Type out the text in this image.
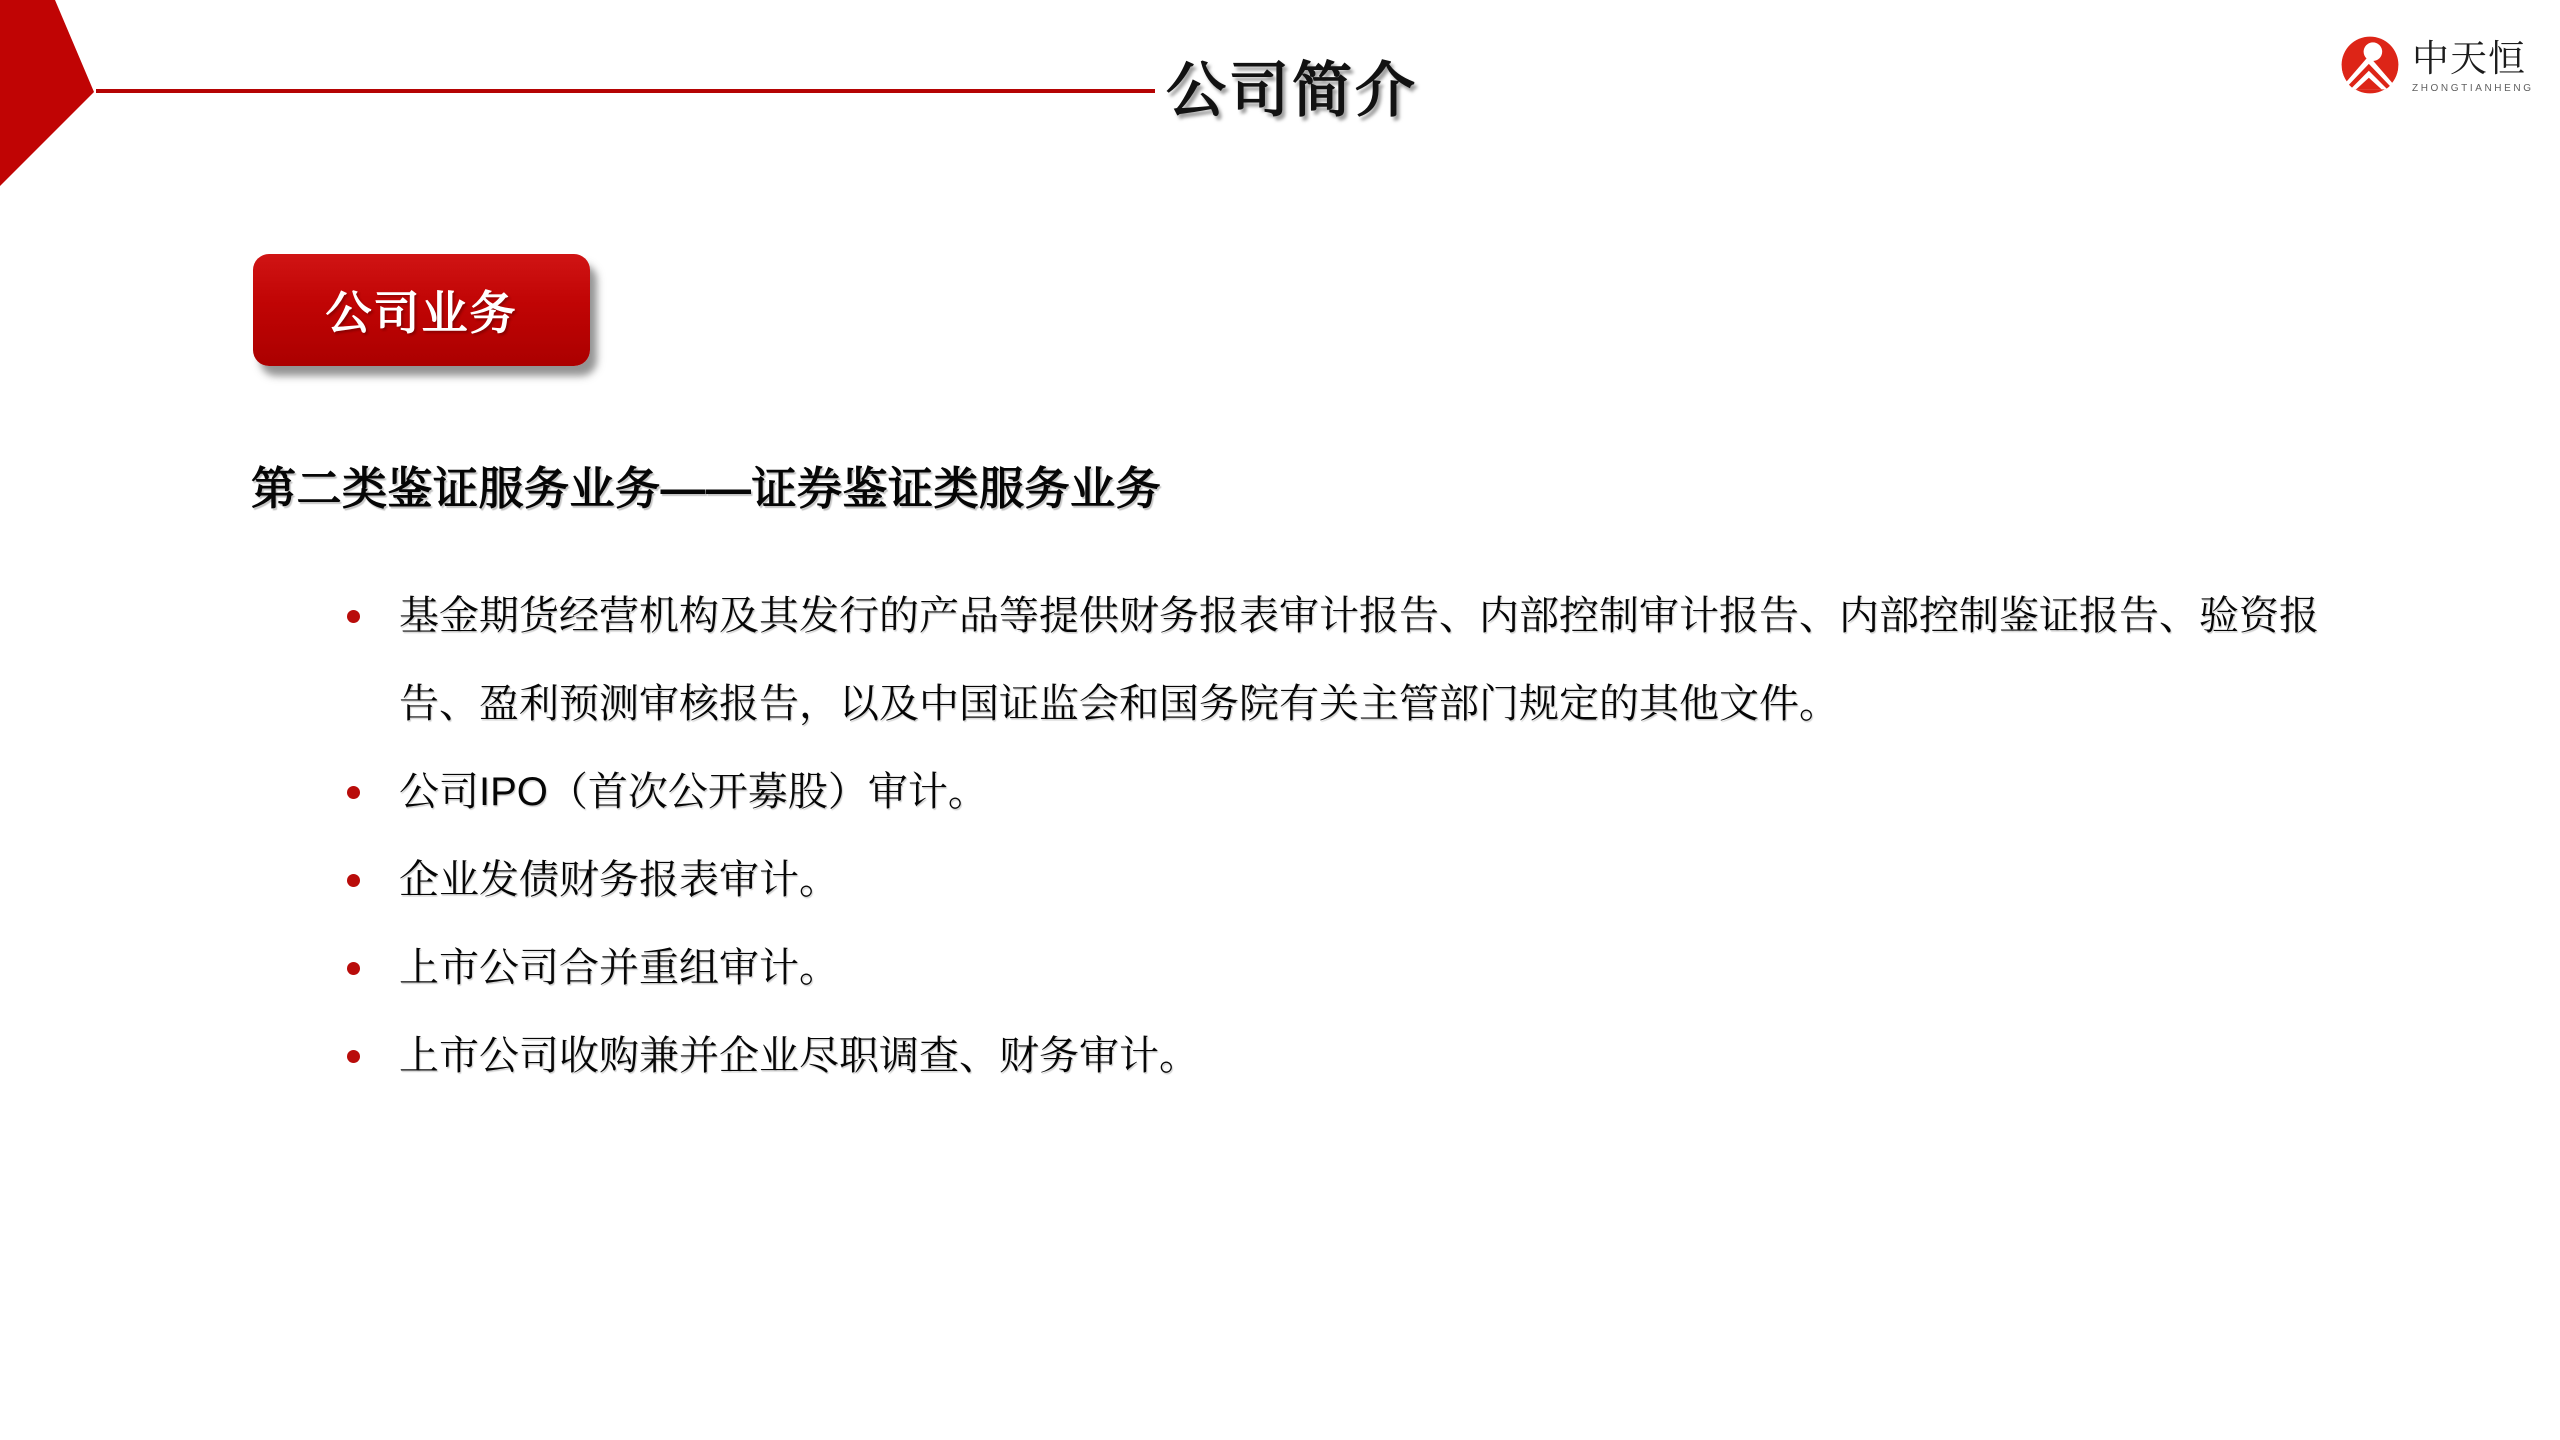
公司简介	中天恒
ZHONGTIANHENG
公司业务
第二类鉴证服务业务——证券鉴证类服务业务
基金期货经营机构及其发行的产品等提供财务报表审计报告、内部控制审计报告、内部控制鉴证报告、验资报告、盈利预测审核报告，以及中国证监会和国务院有关主管部门规定的其他文件。
公司IPO（首次公开募股）审计。
企业发债财务报表审计。
上市公司合并重组审计。
上市公司收购兼并企业尽职调查、财务审计。
